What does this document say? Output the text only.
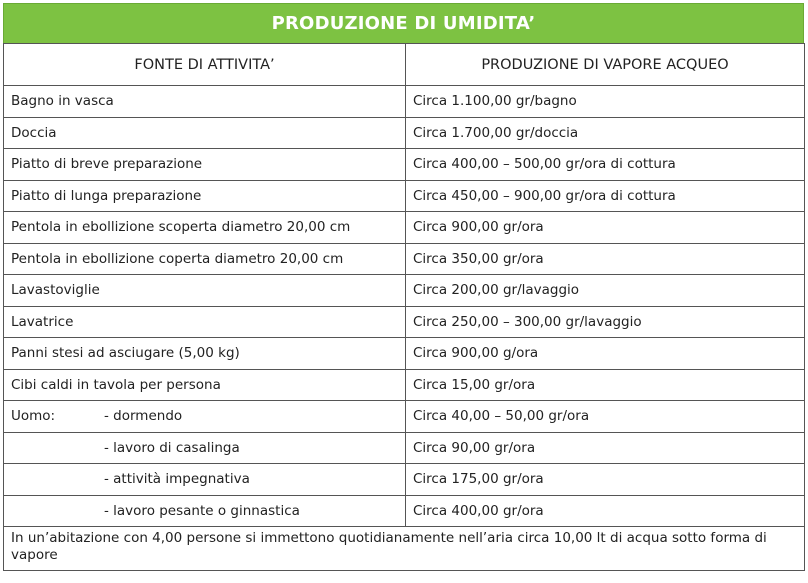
PRODUZIONE DI UMIDITA’
FONTE DI ATTIVITA’	PRODUZIONE DI VAPORE ACQUEO
Bagno in vasca	Circa 1.100,00 gr/bagno
Doccia	Circa 1.700,00 gr/doccia
Piatto di breve preparazione	Circa 400,00 – 500,00 gr/ora di cottura
Piatto di lunga preparazione	Circa 450,00 – 900,00 gr/ora di cottura
Pentola in ebollizione scoperta diametro 20,00 cm	Circa 900,00 gr/ora
Pentola in ebollizione coperta diametro 20,00 cm	Circa 350,00 gr/ora
Lavastoviglie	Circa 200,00 gr/lavaggio
Lavatrice	Circa 250,00 – 300,00 gr/lavaggio
Panni stesi ad asciugare (5,00 kg)	Circa 900,00 g/ora
Cibi caldi in tavola per persona	Circa 15,00 gr/ora
Uomo: - dormendo	Circa 40,00 – 50,00 gr/ora
- lavoro di casalinga	Circa 90,00 gr/ora
- attività impegnativa	Circa 175,00 gr/ora
- lavoro pesante o ginnastica	Circa 400,00 gr/ora
In un’abitazione con 4,00 persone si immettono quotidianamente nell’aria circa 10,00 lt di acqua sotto forma di vapore	
